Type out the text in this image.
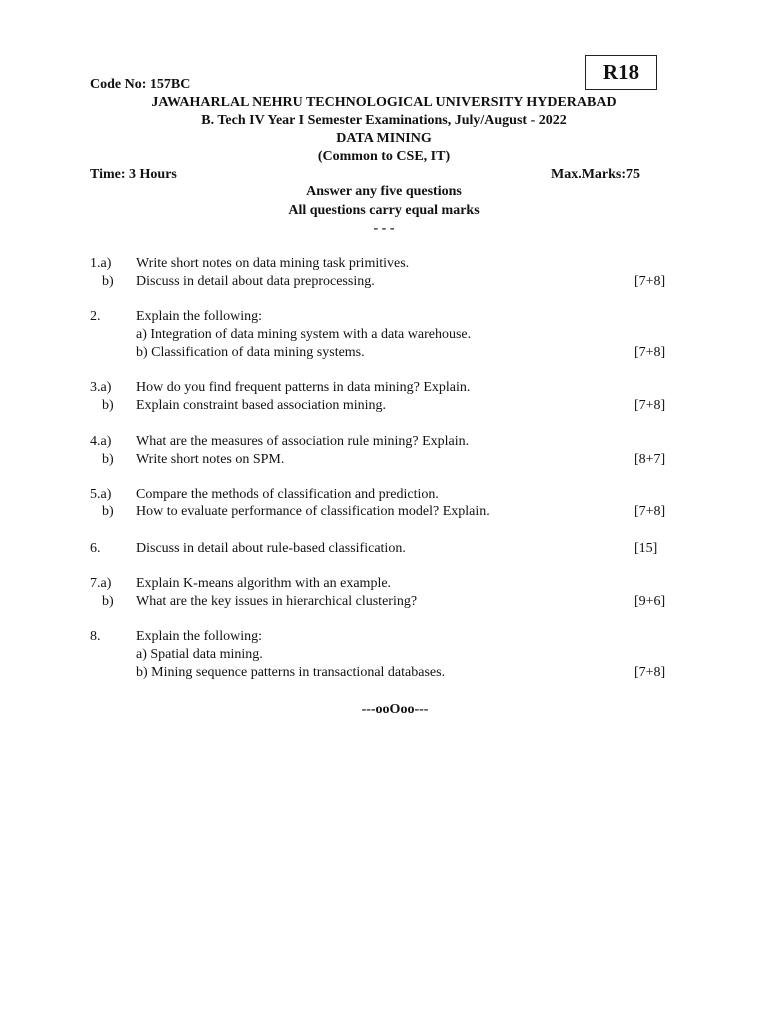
Code No: 157BC
R18
JAWAHARLAL NEHRU TECHNOLOGICAL UNIVERSITY HYDERABAD
B. Tech IV Year I Semester Examinations, July/August - 2022
DATA MINING
(Common to CSE, IT)
Time: 3 Hours	Max.Marks:75
Answer any five questions
All questions carry equal marks
- - -
1.a) Write short notes on data mining task primitives.
b) Discuss in detail about data preprocessing.	[7+8]
2.	Explain the following:
a) Integration of data mining system with a data warehouse.
b) Classification of data mining systems.	[7+8]
3.a) How do you find frequent patterns in data mining? Explain.
b) Explain constraint based association mining.	[7+8]
4.a) What are the measures of association rule mining? Explain.
b) Write short notes on SPM.	[8+7]
5.a) Compare the methods of classification and prediction.
b) How to evaluate performance of classification model? Explain.	[7+8]
6.	Discuss in detail about rule-based classification.	[15]
7.a) Explain K-means algorithm with an example.
b) What are the key issues in hierarchical clustering?	[9+6]
8.	Explain the following:
a) Spatial data mining.
b) Mining sequence patterns in transactional databases.	[7+8]
---ooOoo---
